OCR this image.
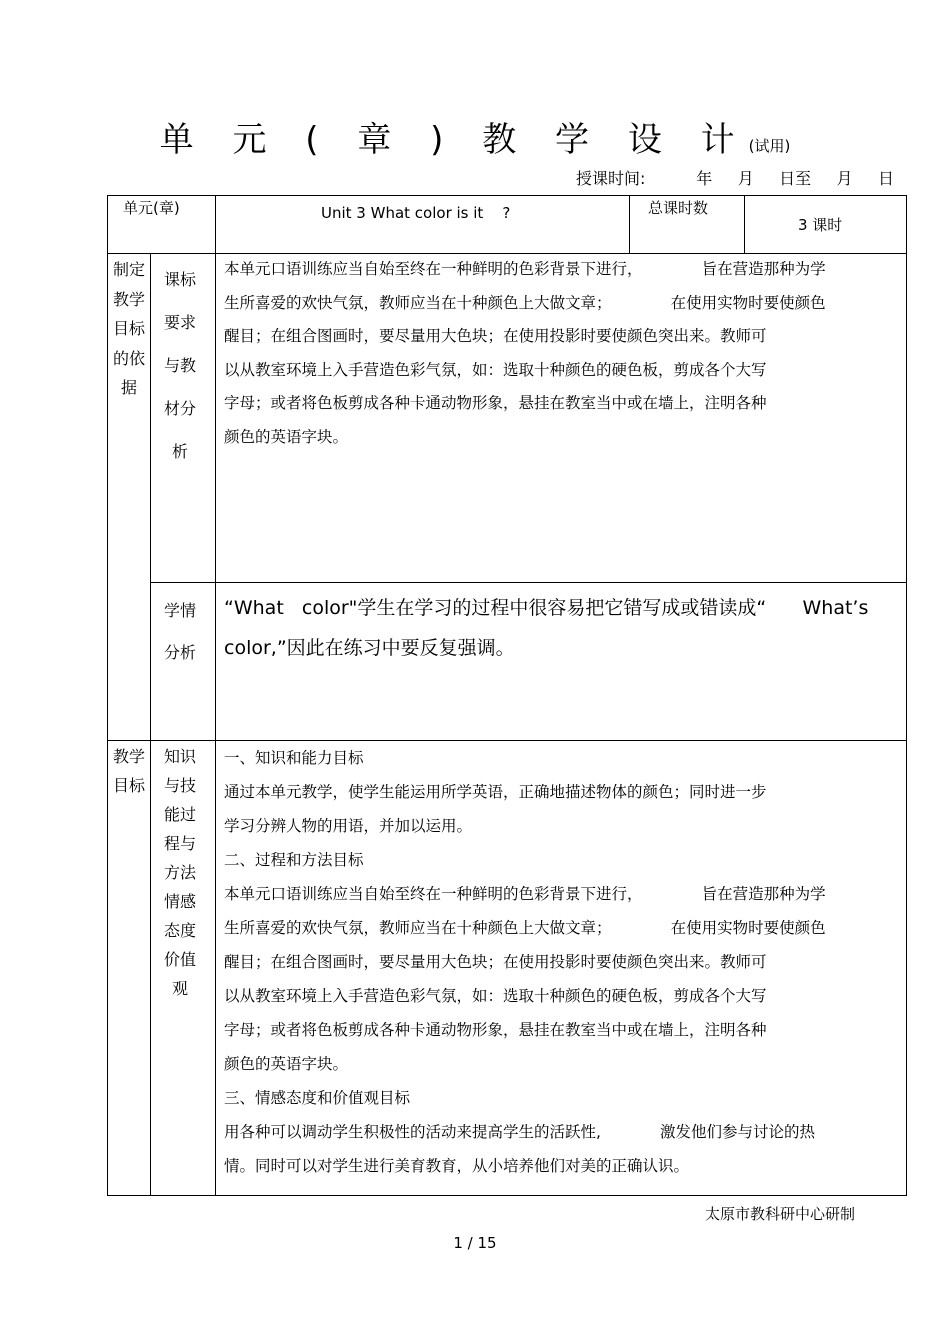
单 元 ( 章 ) 教 学 设 计(试用)
授课时间:          年     月     日至     月     日
单元(章)	Unit 3 What color is it    ?	总课时数
3 课时
制定教学目标的依据
课标要求与教材分析
本单元口语训练应当自始至终在一种鲜明的色彩背景下进行，            旨在营造那种为学
生所喜爱的欢快气氛，教师应当在十种颜色上大做文章；            在使用实物时要使颜色
醒目；在组合图画时，要尽量用大色块；在使用投影时要使颜色突出来。教师可
以从教室环境上入手营造色彩气氛，如：选取十种颜色的硬色板，剪成各个大写
字母；或者将色板剪成各种卡通动物形象，悬挂在教室当中或在墙上，注明各种
颜色的英语字块。
学情分析
“What   color"学生在学习的过程中很容易把它错写成或错读成“      What’s
color,”因此在练习中要反复强调。
教学目标
知识与技能过程与方法情感态度价值观
一、知识和能力目标
通过本单元教学，使学生能运用所学英语，正确地描述物体的颜色；同时进一步
学习分辨人物的用语，并加以运用。
二、过程和方法目标
本单元口语训练应当自始至终在一种鲜明的色彩背景下进行，            旨在营造那种为学
生所喜爱的欢快气氛，教师应当在十种颜色上大做文章；            在使用实物时要使颜色
醒目；在组合图画时，要尽量用大色块；在使用投影时要使颜色突出来。教师可
以从教室环境上入手营造色彩气氛，如：选取十种颜色的硬色板，剪成各个大写
字母；或者将色板剪成各种卡通动物形象，悬挂在教室当中或在墙上，注明各种
颜色的英语字块。
三、情感态度和价值观目标
用各种可以调动学生积极性的活动来提高学生的活跃性,            激发他们参与讨论的热
情。同时可以对学生进行美育教育，从小培养他们对美的正确认识。
太原市教科研中心研制
1 / 15
